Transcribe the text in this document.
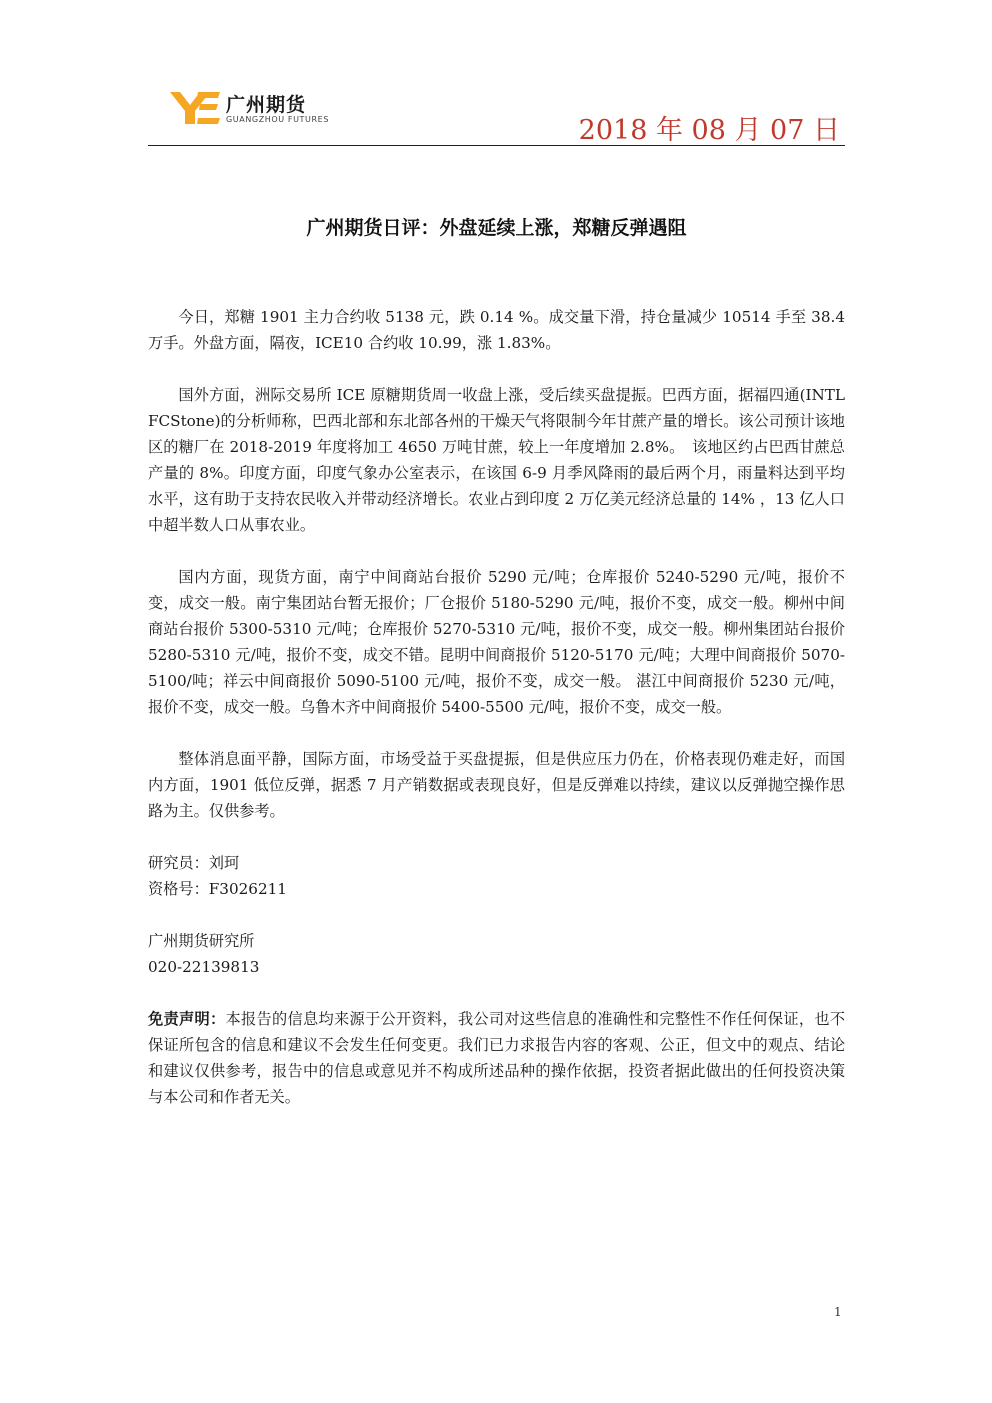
广州期货
GUANGZHOU FUTURES	2018 年 08 月 07 日
广州期货日评：外盘延续上涨，郑糖反弹遇阻

今日，郑糖 1901 主力合约收 5138 元，跌 0.14 %。成交量下滑，持仓量减少 10514 手至 38.4 万手。外盘方面，隔夜，ICE10 合约收 10.99，涨 1.83%。

国外方面，洲际交易所 ICE 原糖期货周一收盘上涨，受后续买盘提振。巴西方面，据福四通(INTL FCStone)的分析师称，巴西北部和东北部各州的干燥天气将限制今年甘蔗产量的增长。该公司预计该地区的糖厂在 2018-2019 年度将加工 4650 万吨甘蔗，较上一年度增加 2.8%。　该地区约占巴西甘蔗总产量的 8%。印度方面，印度气象办公室表示，在该国 6-9 月季风降雨的最后两个月，雨量料达到平均水平，这有助于支持农民收入并带动经济增长。农业占到印度 2 万亿美元经济总量的 14% ，13 亿人口中超半数人口从事农业。

国内方面，现货方面，南宁中间商站台报价 5290 元/吨；仓库报价 5240-5290 元/吨，报价不变，成交一般。南宁集团站台暂无报价；厂仓报价 5180-5290 元/吨，报价不变，成交一般。柳州中间商站台报价 5300-5310 元/吨；仓库报价 5270-5310 元/吨，报价不变，成交一般。柳州集团站台报价 5280-5310 元/吨，报价不变，成交不错。昆明中间商报价 5120-5170 元/吨；大理中间商报价 5070-5100/吨；祥云中间商报价 5090-5100 元/吨，报价不变，成交一般。 湛江中间商报价 5230 元/吨，报价不变，成交一般。乌鲁木齐中间商报价 5400-5500 元/吨，报价不变，成交一般。

整体消息面平静，国际方面，市场受益于买盘提振，但是供应压力仍在，价格表现仍难走好，而国内方面，1901 低位反弹，据悉 7 月产销数据或表现良好，但是反弹难以持续，建议以反弹抛空操作思路为主。仅供参考。

研究员：刘珂

资格号：F3026211

广州期货研究所

020-22139813

免责声明：本报告的信息均来源于公开资料，我公司对这些信息的准确性和完整性不作任何保证，也不保证所包含的信息和建议不会发生任何变更。我们已力求报告内容的客观、公正，但文中的观点、结论和建议仅供参考，报告中的信息或意见并不构成所述品种的操作依据，投资者据此做出的任何投资决策与本公司和作者无关。

1
